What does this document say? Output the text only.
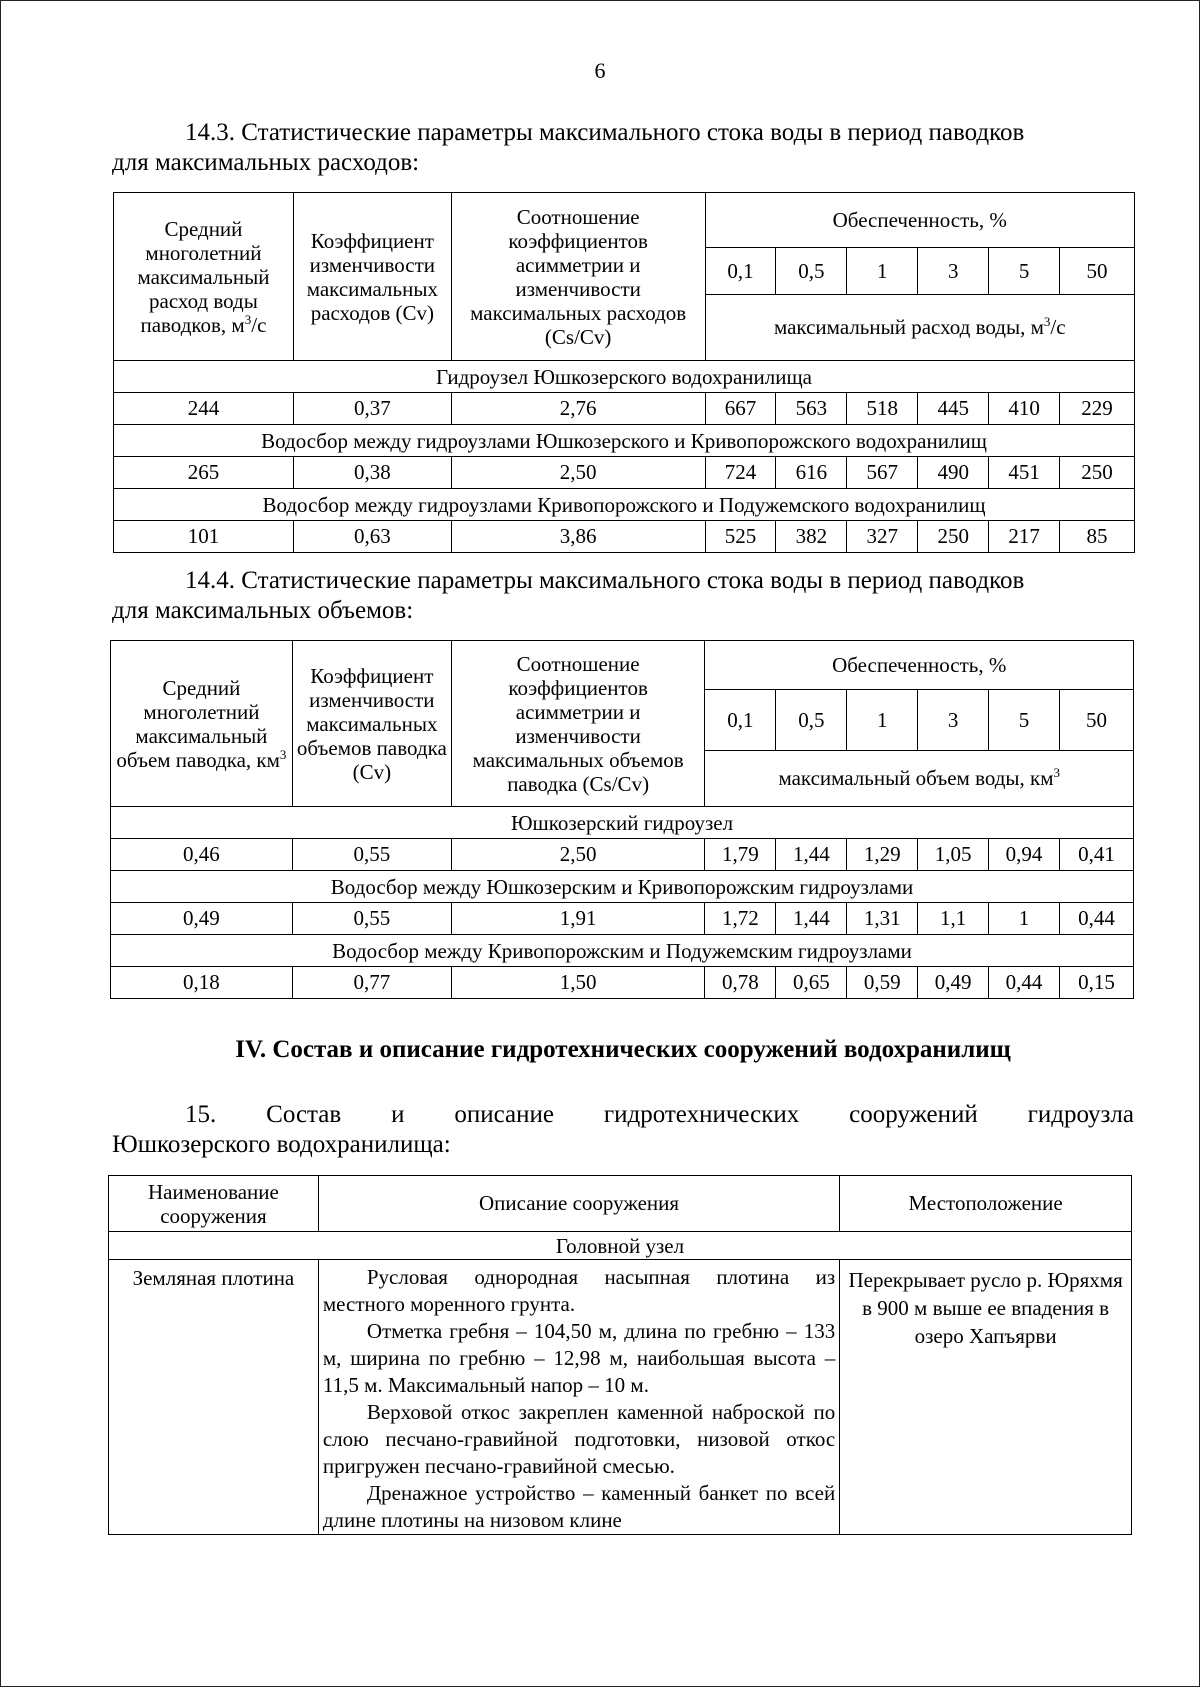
6
14.3. Статистические параметры максимального стока воды в период паводков
для максимальных расходов:
Средний многолетний максимальный расход воды паводков, $м^3/с$	Коэффициент изменчивости максимальных расходов (Cv)	Соотношение коэффициентов асимметрии и изменчивости максимальных расходов (Cs/Cv)	Обеспеченность, %					
			0,1	0,5	1	3	5	50
			максимальный расход воды, $м^3/с$					
Гидроузел Юшкозерского водохранилища								
244	0,37	2,76	667	563	518	445	410	229
Водосбор между гидроузлами Юшкозерского и Кривопорожского водохранилищ								
265	0,38	2,50	724	616	567	490	451	250
Водосбор между гидроузлами Кривопорожского и Подужемского водохранилищ								
101	0,63	3,86	525	382	327	250	217	85
14.4. Статистические параметры максимального стока воды в период паводков
для максимальных объемов:
Средний многолетний максимальный объем паводка, $км^3$	Коэффициент изменчивости максимальных объемов паводка (Cv)	Соотношение коэффициентов асимметрии и изменчивости максимальных объемов паводка (Cs/Cv)	Обеспеченность, %					
			0,1	0,5	1	3	5	50
			максимальный объем воды, $км^3$
Юшкозерский гидроузел								
0,46	0,55	2,50	1,79	1,44	1,29	1,05	0,94	0,41
Водосбор между Юшкозерским и Кривопорожским гидроузлами								
0,49	0,55	1,91	1,72	1,44	1,31	1,1	1	0,44
Водосбор между Кривопорожским и Подужемским гидроузлами								
0,18	0,77	1,50	0,78	0,65	0,59	0,49	0,44	0,15
IV. Состав и описание гидротехнических сооружений водохранилищ
15. Состав и описание гидротехнических сооружений гидроузла
Юшкозерского водохранилища:
Наименование сооружения	Описание сооружения	Местоположение
Головной узел		
Земляная плотина	Русловая однородная насыпная плотина из местного моренного грунта.

Отметка гребня – 104,50 м, длина по гребню – 133 м, ширина по гребню – 12,98 м, наибольшая высота – 11,5 м. Максимальный напор – 10 м.

Верховой откос закреплен каменной наброской по слою песчано-гравийной подготовки, низовой откос пригружен песчано-гравийной смесью.

Дренажное устройство – каменный банкет по всей длине плотины на низовом клине	Перекрывает русло р. Юряхмя в 900 м выше ее впадения в озеро Хапъярви
